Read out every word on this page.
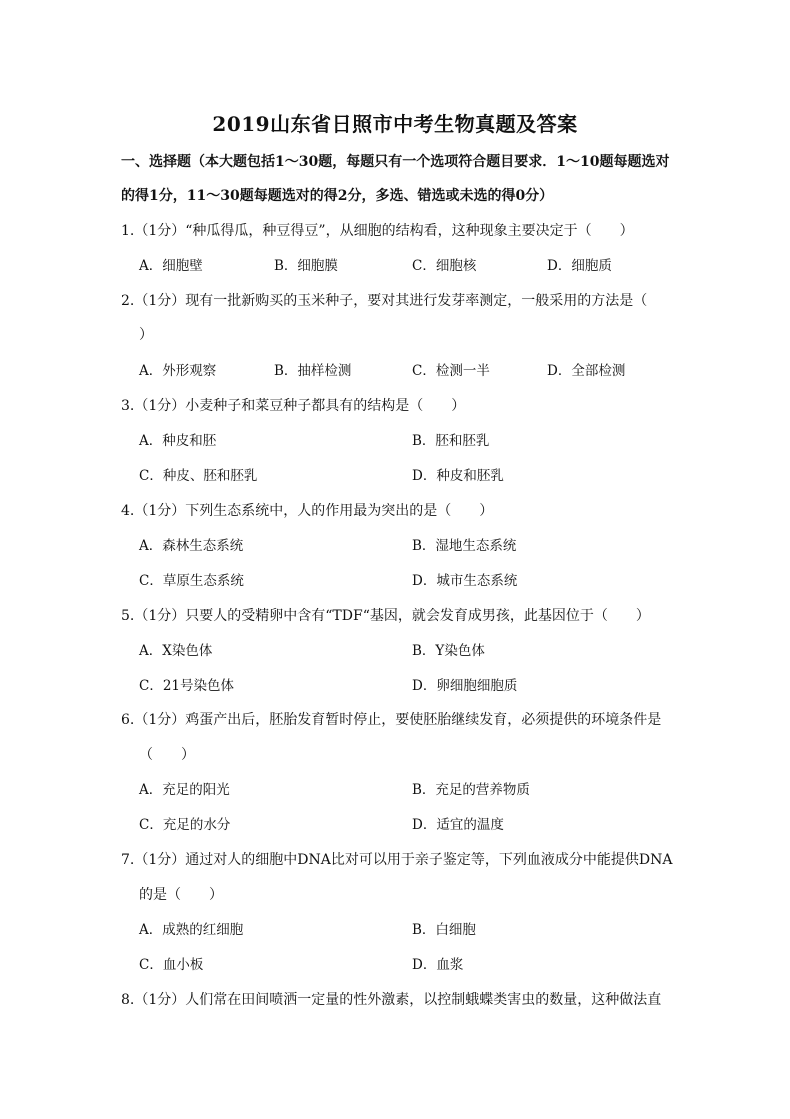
2019山东省日照市中考生物真题及答案
一、选择题（本大题包括1～30题，每题只有一个选项符合题目要求．1～10题每题选对
的得1分，11～30题每题选对的得2分，多选、错选或未选的得0分）
1.（1分）“种瓜得瓜，种豆得豆”，从细胞的结构看，这种现象主要决定于（　　）
A．细胞壁	B．细胞膜	C．细胞核	D．细胞质
2.（1分）现有一批新购买的玉米种子，要对其进行发芽率测定，一般采用的方法是（
）
A．外形观察	B．抽样检测	C．检测一半	D．全部检测
3.（1分）小麦种子和菜豆种子都具有的结构是（　　）
A．种皮和胚	B．胚和胚乳
C．种皮、胚和胚乳	D．种皮和胚乳
4.（1分）下列生态系统中，人的作用最为突出的是（　　）
A．森林生态系统	B．湿地生态系统
C．草原生态系统	D．城市生态系统
5.（1分）只要人的受精卵中含有“TDF“基因，就会发育成男孩，此基因位于（　　）
A．X染色体	B．Y染色体
C．21号染色体	D．卵细胞细胞质
6.（1分）鸡蛋产出后，胚胎发育暂时停止，要使胚胎继续发育，必须提供的环境条件是
（　　）
A．充足的阳光	B．充足的营养物质
C．充足的水分	D．适宜的温度
7.（1分）通过对人的细胞中DNA比对可以用于亲子鉴定等，下列血液成分中能提供DNA
的是（　　）
A．成熟的红细胞	B．白细胞
C．血小板	D．血浆
8.（1分）人们常在田间喷洒一定量的性外激素，以控制蛾蝶类害虫的数量，这种做法直
